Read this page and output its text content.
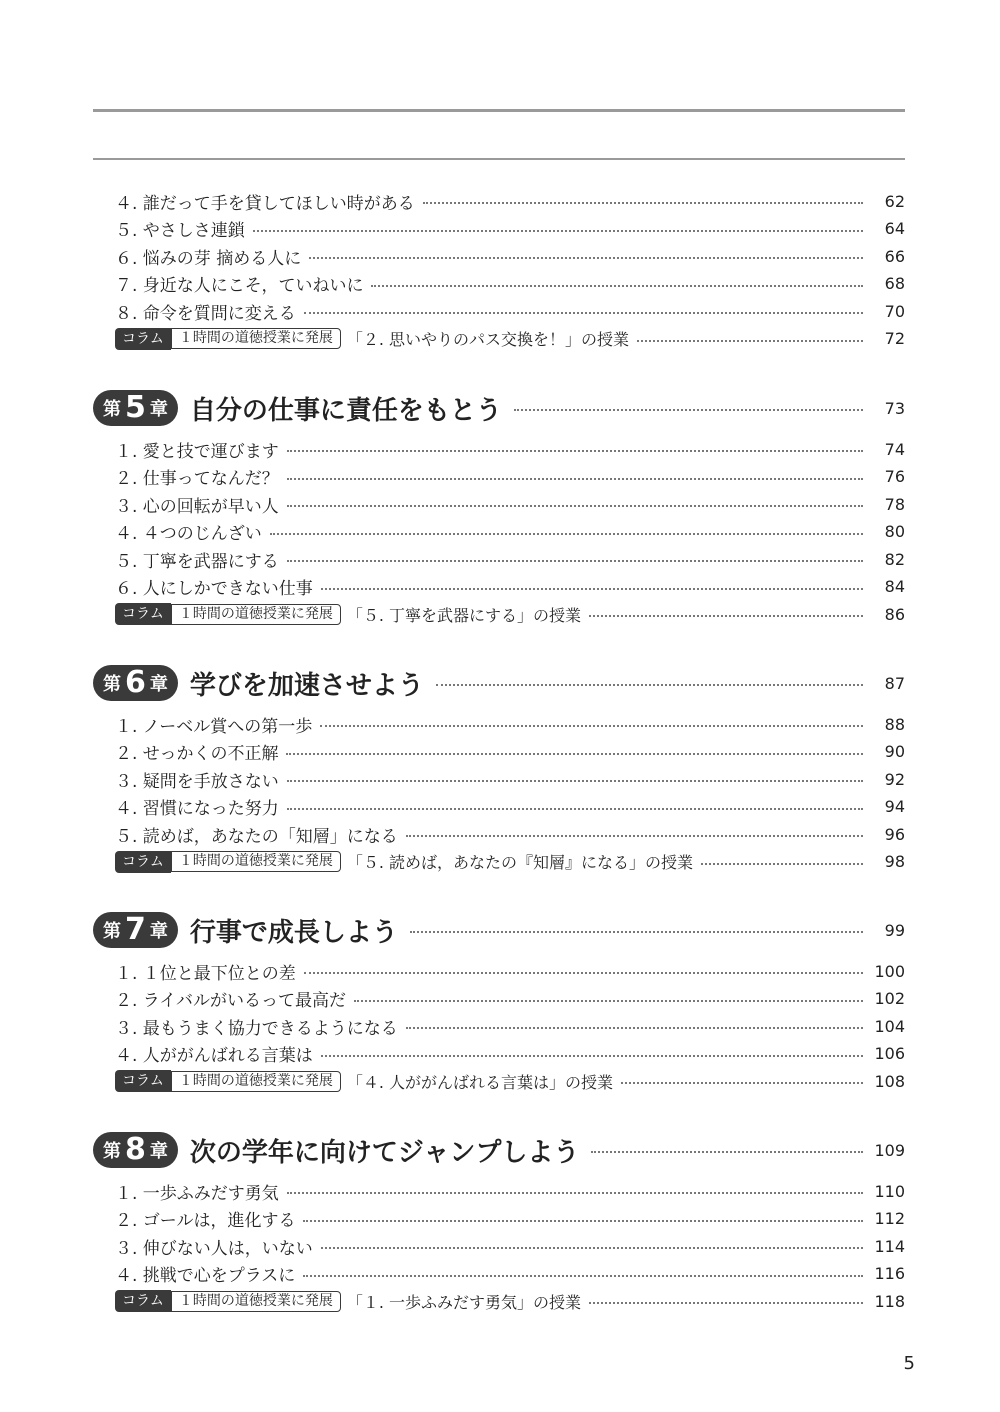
４. 誰だって手を貸してほしい時がある	62
５. やさしさ連鎖	64
６. 悩みの芽 摘める人に	66
７. 身近な人にこそ，ていねいに	68
８. 命令を質問に変える	70
コラム	１時間の道徳授業に発展 「２. 思いやりのパス交換を！」の授業	72
第 5 章 自分の仕事に責任をもとう	73
１. 愛と技で運びます	74
２. 仕事ってなんだ？	76
３. 心の回転が早い人	78
４. ４つのじんざい	80
５. 丁寧を武器にする	82
６. 人にしかできない仕事	84
コラム	１時間の道徳授業に発展 「５. 丁寧を武器にする」の授業	86
第 6 章 学びを加速させよう	87
１. ノーベル賞への第一歩	88
２. せっかくの不正解	90
３. 疑問を手放さない	92
４. 習慣になった努力	94
５. 読めば，あなたの「知層」になる	96
コラム	１時間の道徳授業に発展 「５. 読めば，あなたの『知層』になる」の授業	98
第 7 章 行事で成長しよう	99
１. １位と最下位との差	100
２. ライバルがいるって最高だ	102
３. 最もうまく協力できるようになる	104
４. 人ががんばれる言葉は	106
コラム	１時間の道徳授業に発展 「４. 人ががんばれる言葉は」の授業	108
第 8 章 次の学年に向けてジャンプしよう	109
１. 一歩ふみだす勇気	110
２. ゴールは，進化する	112
３. 伸びない人は，いない	114
４. 挑戦で心をプラスに	116
コラム	１時間の道徳授業に発展 「１. 一歩ふみだす勇気」の授業	118
5
